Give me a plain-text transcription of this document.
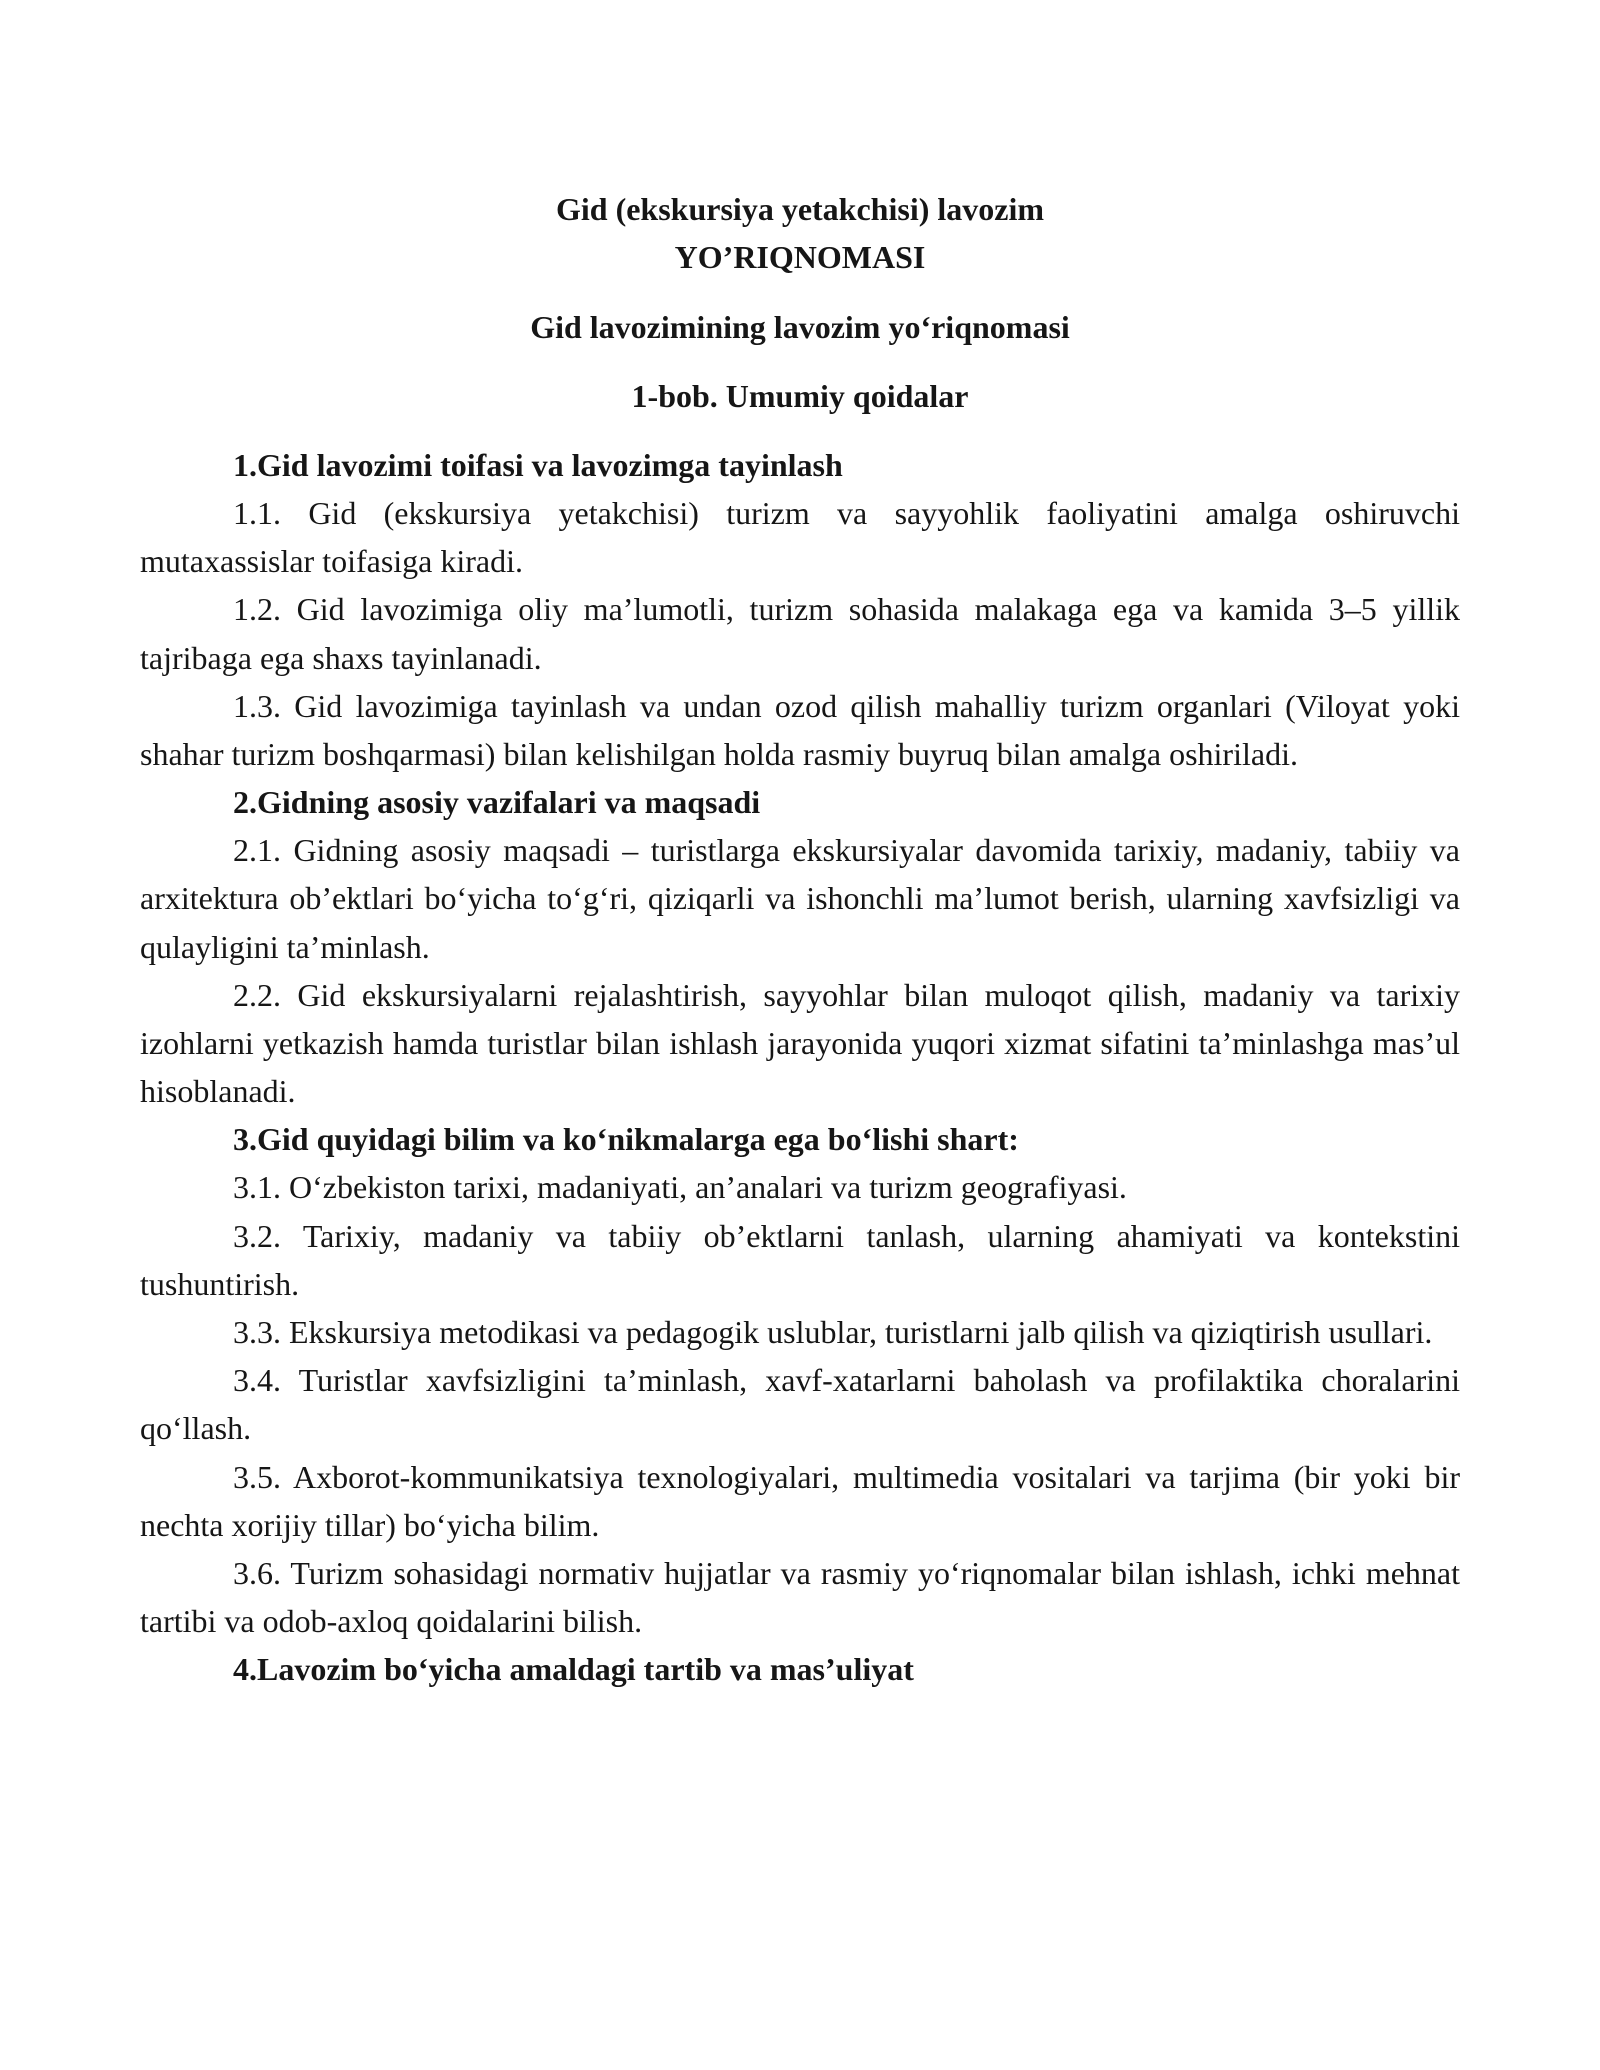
Gid (ekskursiya yetakchisi) lavozim
YO’RIQNOMASI
Gid lavozimining lavozim yo‘riqnomasi
1-bob. Umumiy qoidalar

1.Gid lavozimi toifasi va lavozimga tayinlash

1.1. Gid (ekskursiya yetakchisi) turizm va sayyohlik faoliyatini amalga oshiruvchi mutaxassislar toifasiga kiradi.

1.2. Gid lavozimiga oliy ma’lumotli, turizm sohasida malakaga ega va kamida 3–5 yillik tajribaga ega shaxs tayinlanadi.

1.3. Gid lavozimiga tayinlash va undan ozod qilish mahalliy turizm organlari (Viloyat yoki shahar turizm boshqarmasi) bilan kelishilgan holda rasmiy buyruq bilan amalga oshiriladi.

2.Gidning asosiy vazifalari va maqsadi

2.1. Gidning asosiy maqsadi – turistlarga ekskursiyalar davomida tarixiy, madaniy, tabiiy va arxitektura ob’ektlari bo‘yicha to‘g‘ri, qiziqarli va ishonchli ma’lumot berish, ularning xavfsizligi va qulayligini ta’minlash.

2.2. Gid ekskursiyalarni rejalashtirish, sayyohlar bilan muloqot qilish, madaniy va tarixiy izohlarni yetkazish hamda turistlar bilan ishlash jarayonida yuqori xizmat sifatini ta’minlashga mas’ul hisoblanadi.

3.Gid quyidagi bilim va ko‘nikmalarga ega bo‘lishi shart:

3.1. O‘zbekiston tarixi, madaniyati, an’analari va turizm geografiyasi.

3.2. Tarixiy, madaniy va tabiiy ob’ektlarni tanlash, ularning ahamiyati va kontekstini tushuntirish.

3.3. Ekskursiya metodikasi va pedagogik uslublar, turistlarni jalb qilish va qiziqtirish usullari.

3.4. Turistlar xavfsizligini ta’minlash, xavf-xatarlarni baholash va profilaktika choralarini qo‘llash.

3.5. Axborot-kommunikatsiya texnologiyalari, multimedia vositalari va tarjima (bir yoki bir nechta xorijiy tillar) bo‘yicha bilim.

3.6. Turizm sohasidagi normativ hujjatlar va rasmiy yo‘riqnomalar bilan ishlash, ichki mehnat tartibi va odob-axloq qoidalarini bilish.

4.Lavozim bo‘yicha amaldagi tartib va mas’uliyat
